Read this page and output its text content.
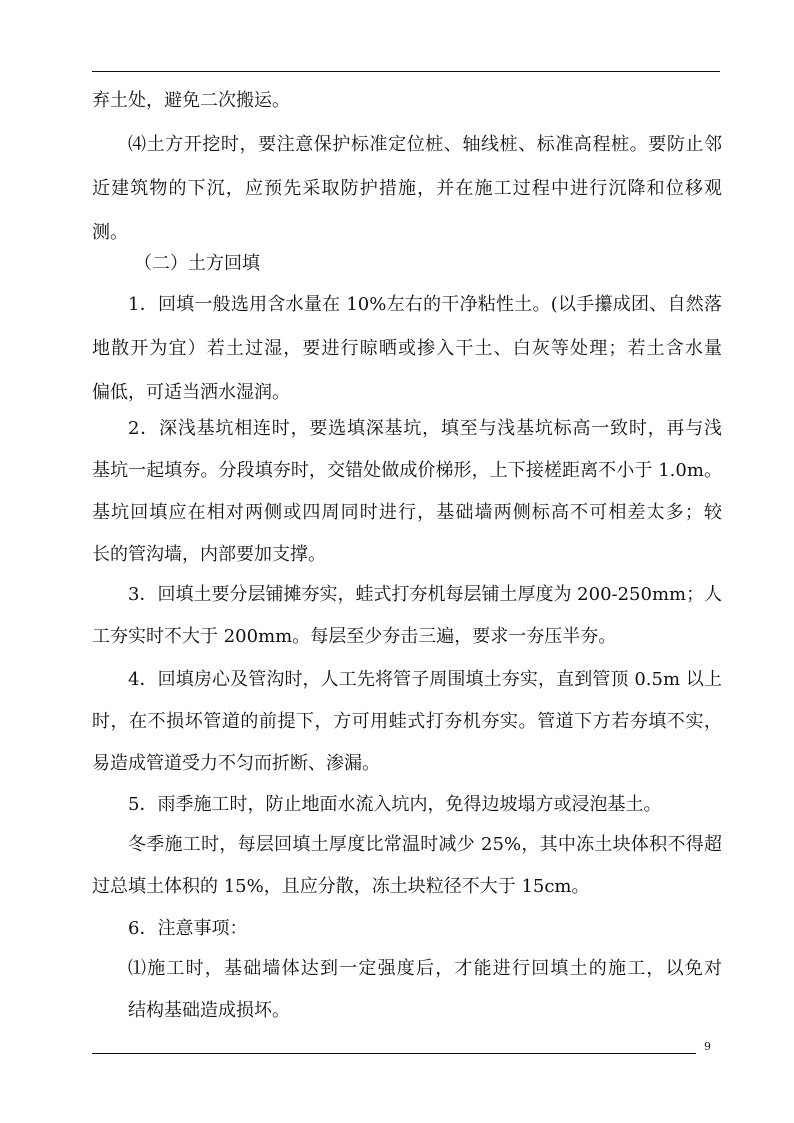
弃土处，避免二次搬运。

⑷土方开挖时，要注意保护标准定位桩、轴线桩、标准高程桩。要防止邻
近建筑物的下沉，应预先采取防护措施，并在施工过程中进行沉降和位移观
测。

（二）土方回填

1．回填一般选用含水量在 10%左右的干净粘性土。(以手攥成团、自然落
地散开为宜）若土过湿，要进行晾晒或掺入干土、白灰等处理；若土含水量
偏低，可适当洒水湿润。

2．深浅基坑相连时，要选填深基坑，填至与浅基坑标高一致时，再与浅
基坑一起填夯。分段填夯时，交错处做成价梯形，上下接槎距离不小于 1.0m。
基坑回填应在相对两侧或四周同时进行，基础墙两侧标高不可相差太多；较
长的管沟墙，内部要加支撑。

3．回填土要分层铺摊夯实，蛙式打夯机每层铺土厚度为 200-250mm；人
工夯实时不大于 200mm。每层至少夯击三遍，要求一夯压半夯。

4．回填房心及管沟时，人工先将管子周围填土夯实，直到管顶 0.5m 以上
时，在不损坏管道的前提下，方可用蛙式打夯机夯实。管道下方若夯填不实，
易造成管道受力不匀而折断、渗漏。

5．雨季施工时，防止地面水流入坑内，免得边坡塌方或浸泡基土。

冬季施工时，每层回填土厚度比常温时减少 25%，其中冻土块体积不得超
过总填土体积的 15%，且应分散，冻土块粒径不大于 15cm。

6．注意事项：

⑴施工时，基础墙体达到一定强度后，才能进行回填土的施工，以免对
结构基础造成损坏。

9
